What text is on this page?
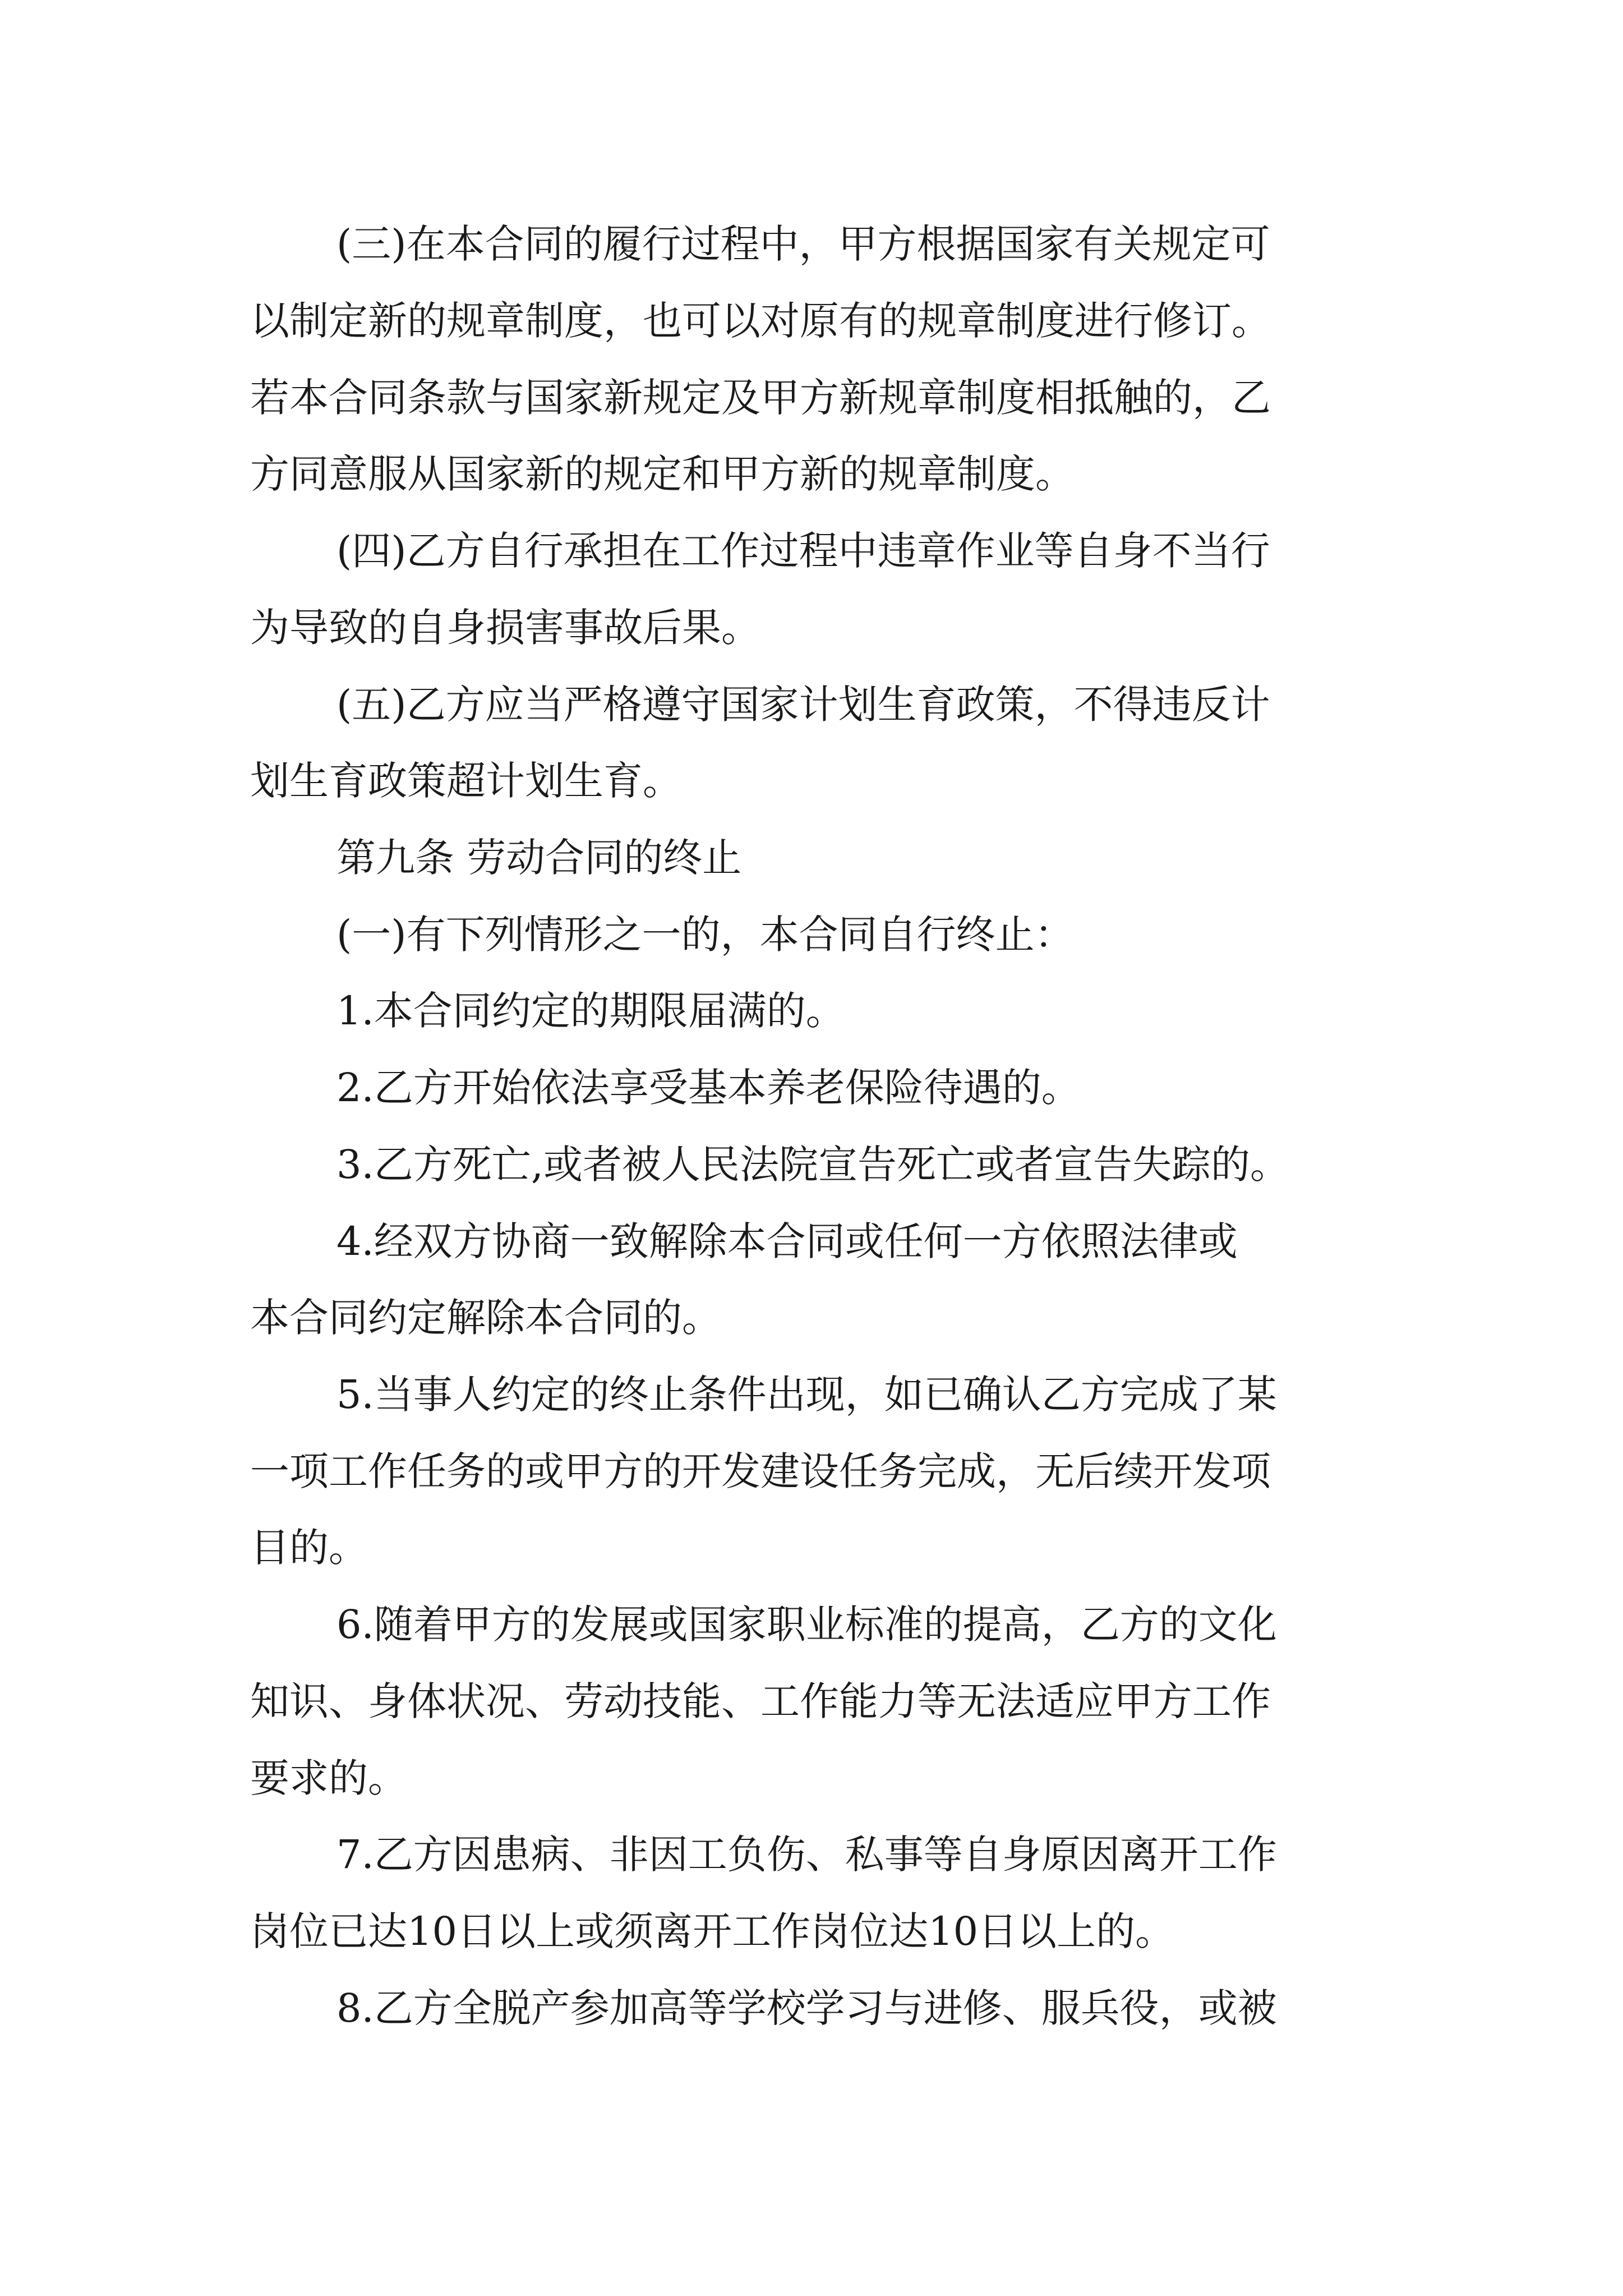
(三)在本合同的履行过程中，甲方根据国家有关规定可

以制定新的规章制度，也可以对原有的规章制度进行修订。

若本合同条款与国家新规定及甲方新规章制度相抵触的，乙

方同意服从国家新的规定和甲方新的规章制度。

(四)乙方自行承担在工作过程中违章作业等自身不当行

为导致的自身损害事故后果。

(五)乙方应当严格遵守国家计划生育政策，不得违反计

划生育政策超计划生育。

第九条 劳动合同的终止

(一)有下列情形之一的，本合同自行终止：

1.本合同约定的期限届满的。

2.乙方开始依法享受基本养老保险待遇的。

3.乙方死亡,或者被人民法院宣告死亡或者宣告失踪的。

4.经双方协商一致解除本合同或任何一方依照法律或

本合同约定解除本合同的。

5.当事人约定的终止条件出现，如已确认乙方完成了某

一项工作任务的或甲方的开发建设任务完成，无后续开发项

目的。

6.随着甲方的发展或国家职业标准的提高，乙方的文化

知识、身体状况、劳动技能、工作能力等无法适应甲方工作

要求的。

7.乙方因患病、非因工负伤、私事等自身原因离开工作

岗位已达10日以上或须离开工作岗位达10日以上的。

8.乙方全脱产参加高等学校学习与进修、服兵役，或被
